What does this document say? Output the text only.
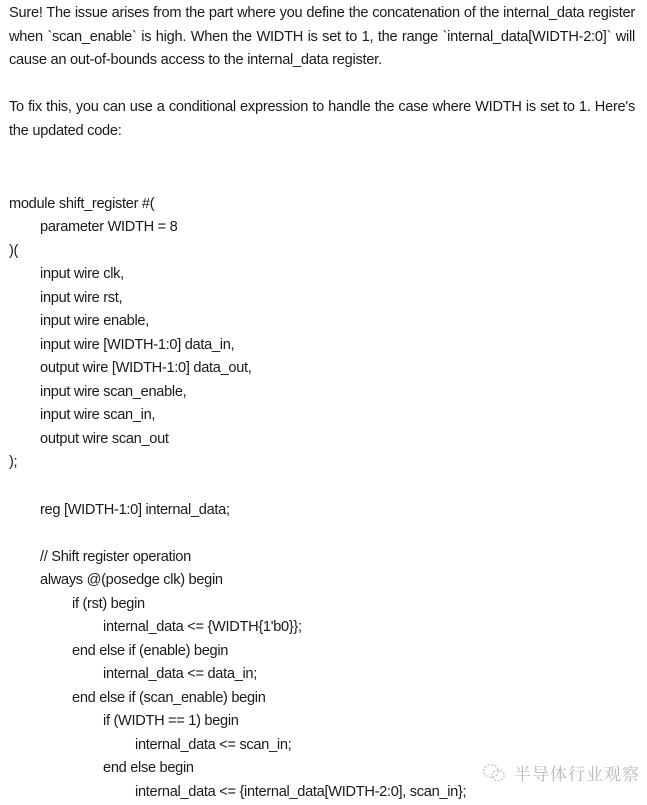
Sure! The issue arises from the part where you define the concatenation of the internal_data register when `scan_enable` is high. When the WIDTH is set to 1, the range `internal_data[WIDTH-2:0]` will cause an out-of-bounds access to the internal_data register.

To fix this, you can use a conditional expression to handle the case where WIDTH is set to 1. Here's the updated code:

module shift_register #(
parameter WIDTH = 8
)(
input wire clk,
input wire rst,
input wire enable,
input wire [WIDTH-1:0] data_in,
output wire [WIDTH-1:0] data_out,
input wire scan_enable,
input wire scan_in,
output wire scan_out
);
reg [WIDTH-1:0] internal_data;
// Shift register operation
always @(posedge clk) begin
if (rst) begin
internal_data <= {WIDTH{1'b0}};
end else if (enable) begin
internal_data <= data_in;
end else if (scan_enable) begin
if (WIDTH == 1) begin
internal_data <= scan_in;
end else begin
internal_data <= {internal_data[WIDTH-2:0], scan_in};
半导体行业观察
